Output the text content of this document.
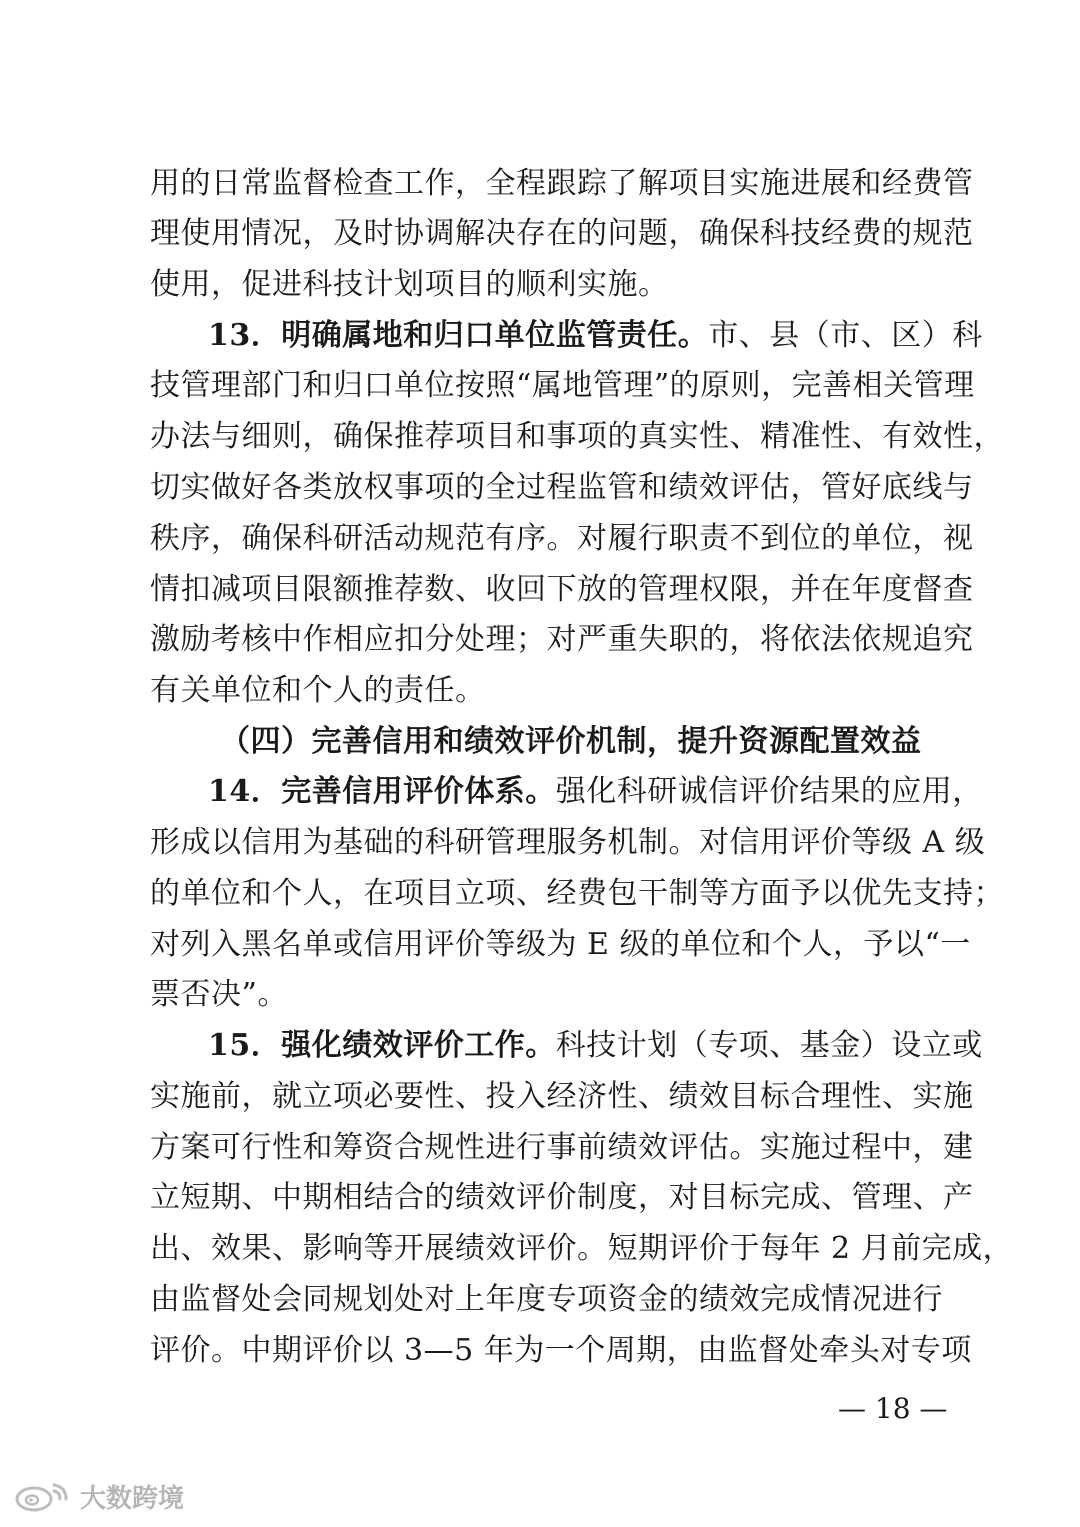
用的日常监督检查工作，全程跟踪了解项目实施进展和经费管
理使用情况，及时协调解决存在的问题，确保科技经费的规范
使用，促进科技计划项目的顺利实施。
13．明确属地和归口单位监管责任。市、县（市、区）科
技管理部门和归口单位按照“属地管理”的原则，完善相关管理
办法与细则，确保推荐项目和事项的真实性、精准性、有效性，
切实做好各类放权事项的全过程监管和绩效评估，管好底线与
秩序，确保科研活动规范有序。对履行职责不到位的单位，视
情扣减项目限额推荐数、收回下放的管理权限，并在年度督查
激励考核中作相应扣分处理；对严重失职的，将依法依规追究
有关单位和个人的责任。
（四）完善信用和绩效评价机制，提升资源配置效益
14．完善信用评价体系。强化科研诚信评价结果的应用，
形成以信用为基础的科研管理服务机制。对信用评价等级 A 级
的单位和个人，在项目立项、经费包干制等方面予以优先支持；
对列入黑名单或信用评价等级为 E 级的单位和个人，予以“一
票否决”。
15．强化绩效评价工作。科技计划（专项、基金）设立或
实施前，就立项必要性、投入经济性、绩效目标合理性、实施
方案可行性和筹资合规性进行事前绩效评估。实施过程中，建
立短期、中期相结合的绩效评价制度，对目标完成、管理、产
出、效果、影响等开展绩效评价。短期评价于每年 2 月前完成，
由监督处会同规划处对上年度专项资金的绩效完成情况进行
评价。中期评价以 3—5 年为一个周期，由监督处牵头对专项
— 18 —
大数跨境
